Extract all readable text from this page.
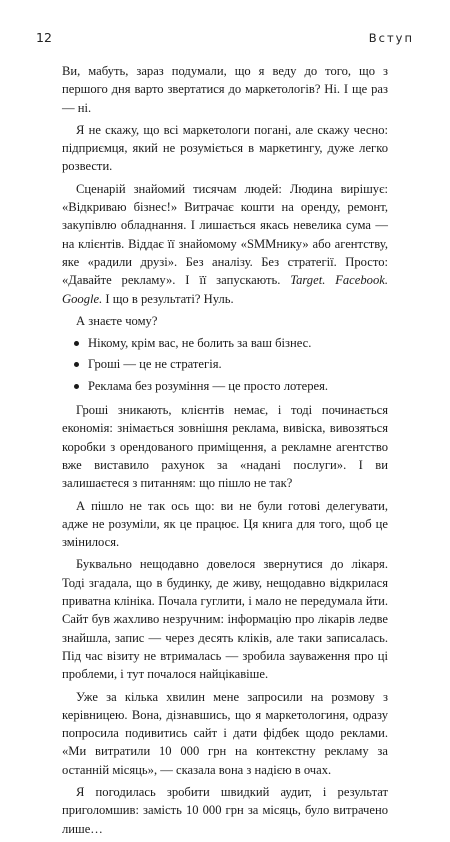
12	Вступ

Ви, мабуть, зараз подумали, що я веду до того, що з першого дня варто звертатися до маркетологів? Ні. І ще раз — ні.

Я не скажу, що всі маркетологи погані, але скажу чесно: підприємця, який не розуміється в маркетингу, дуже легко розвести.

Сценарій знайомий тисячам людей: Людина вирішує: «Відкриваю бізнес!» Витрачає кошти на оренду, ремонт, закупівлю обладнання. І лишається якась невелика сума — на клієнтів. Віддає її знайомому «SMMнику» або агентству, яке «радили друзі». Без аналізу. Без стратегії. Просто: «Давайте рекламу». І її запускають. Target. Facebook. Google. І що в результаті? Нуль.

А знаєте чому?

Нікому, крім вас, не болить за ваш бізнес.
Гроші — це не стратегія.
Реклама без розуміння — це просто лотерея.

Гроші зникають, клієнтів немає, і тоді починається економія: знімається зовнішня реклама, вивіска, вивозяться коробки з орендованого приміщення, а рекламне агентство вже виставило рахунок за «надані послуги». І ви залишаєтеся з питанням: що пішло не так?

А пішло не так ось що: ви не були готові делегувати, адже не розуміли, як це працює. Ця книга для того, щоб це змінилося.

Буквально нещодавно довелося звернутися до лікаря. Тоді згадала, що в будинку, де живу, нещодавно відкрилася приватна клініка. Почала гуглити, і мало не передумала йти. Сайт був жахливо незручним: інформацію про лікарів ледве знайшла, запис — через десять кліків, але таки записалась. Під час візиту не втрималась — зробила зауваження про ці проблеми, і тут почалося найцікавіше.

Уже за кілька хвилин мене запросили на розмову з керівницею. Вона, дізнавшись, що я маркетологиня, одразу попросила подивитись сайт і дати фідбек щодо реклами. «Ми витратили 10 000 грн на контекстну рекламу за останній місяць», — сказала вона з надією в очах.

Я погодилась зробити швидкий аудит, і результат приголомшив: замість 10 000 грн за місяць, було витрачено лише…
